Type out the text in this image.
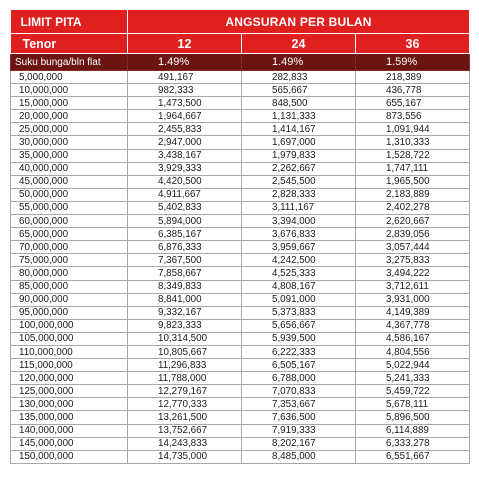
LIMIT PITA	ANGSURAN PER BULAN		
Tenor	12	24	36
Suku bunga/bln flat	1.49%	1.49%	1.59%
5,000,000	491,167	282,833	218,389
10,000,000	982,333	565,667	436,778
15,000,000	1,473,500	848,500	655,167
20,000,000	1,964,667	1,131,333	873,556
25,000,000	2,455,833	1,414,167	1,091,944
30,000,000	2,947,000	1,697,000	1,310,333
35,000,000	3,438,167	1,979,833	1,528,722
40,000,000	3,929,333	2,262,667	1,747,111
45,000,000	4,420,500	2,545,500	1,965,500
50,000,000	4,911,667	2,828,333	2,183,889
55,000,000	5,402,833	3,111,167	2,402,278
60,000,000	5,894,000	3,394,000	2,620,667
65,000,000	6,385,167	3,676,833	2,839,056
70,000,000	6,876,333	3,959,667	3,057,444
75,000,000	7,367,500	4,242,500	3,275,833
80,000,000	7,858,667	4,525,333	3,494,222
85,000,000	8,349,833	4,808,167	3,712,611
90,000,000	8,841,000	5,091,000	3,931,000
95,000,000	9,332,167	5,373,833	4,149,389
100,000,000	9,823,333	5,656,667	4,367,778
105,000,000	10,314,500	5,939,500	4,586,167
110,000,000	10,805,667	6,222,333	4,804,556
115,000,000	11,296,833	6,505,167	5,022,944
120,000,000	11,788,000	6,788,000	5,241,333
125,000,000	12,279,167	7,070,833	5,459,722
130,000,000	12,770,333	7,353,667	5,678,111
135,000,000	13,261,500	7,636,500	5,896,500
140,000,000	13,752,667	7,919,333	6,114,889
145,000,000	14,243,833	8,202,167	6,333,278
150,000,000	14,735,000	8,485,000	6,551,667
